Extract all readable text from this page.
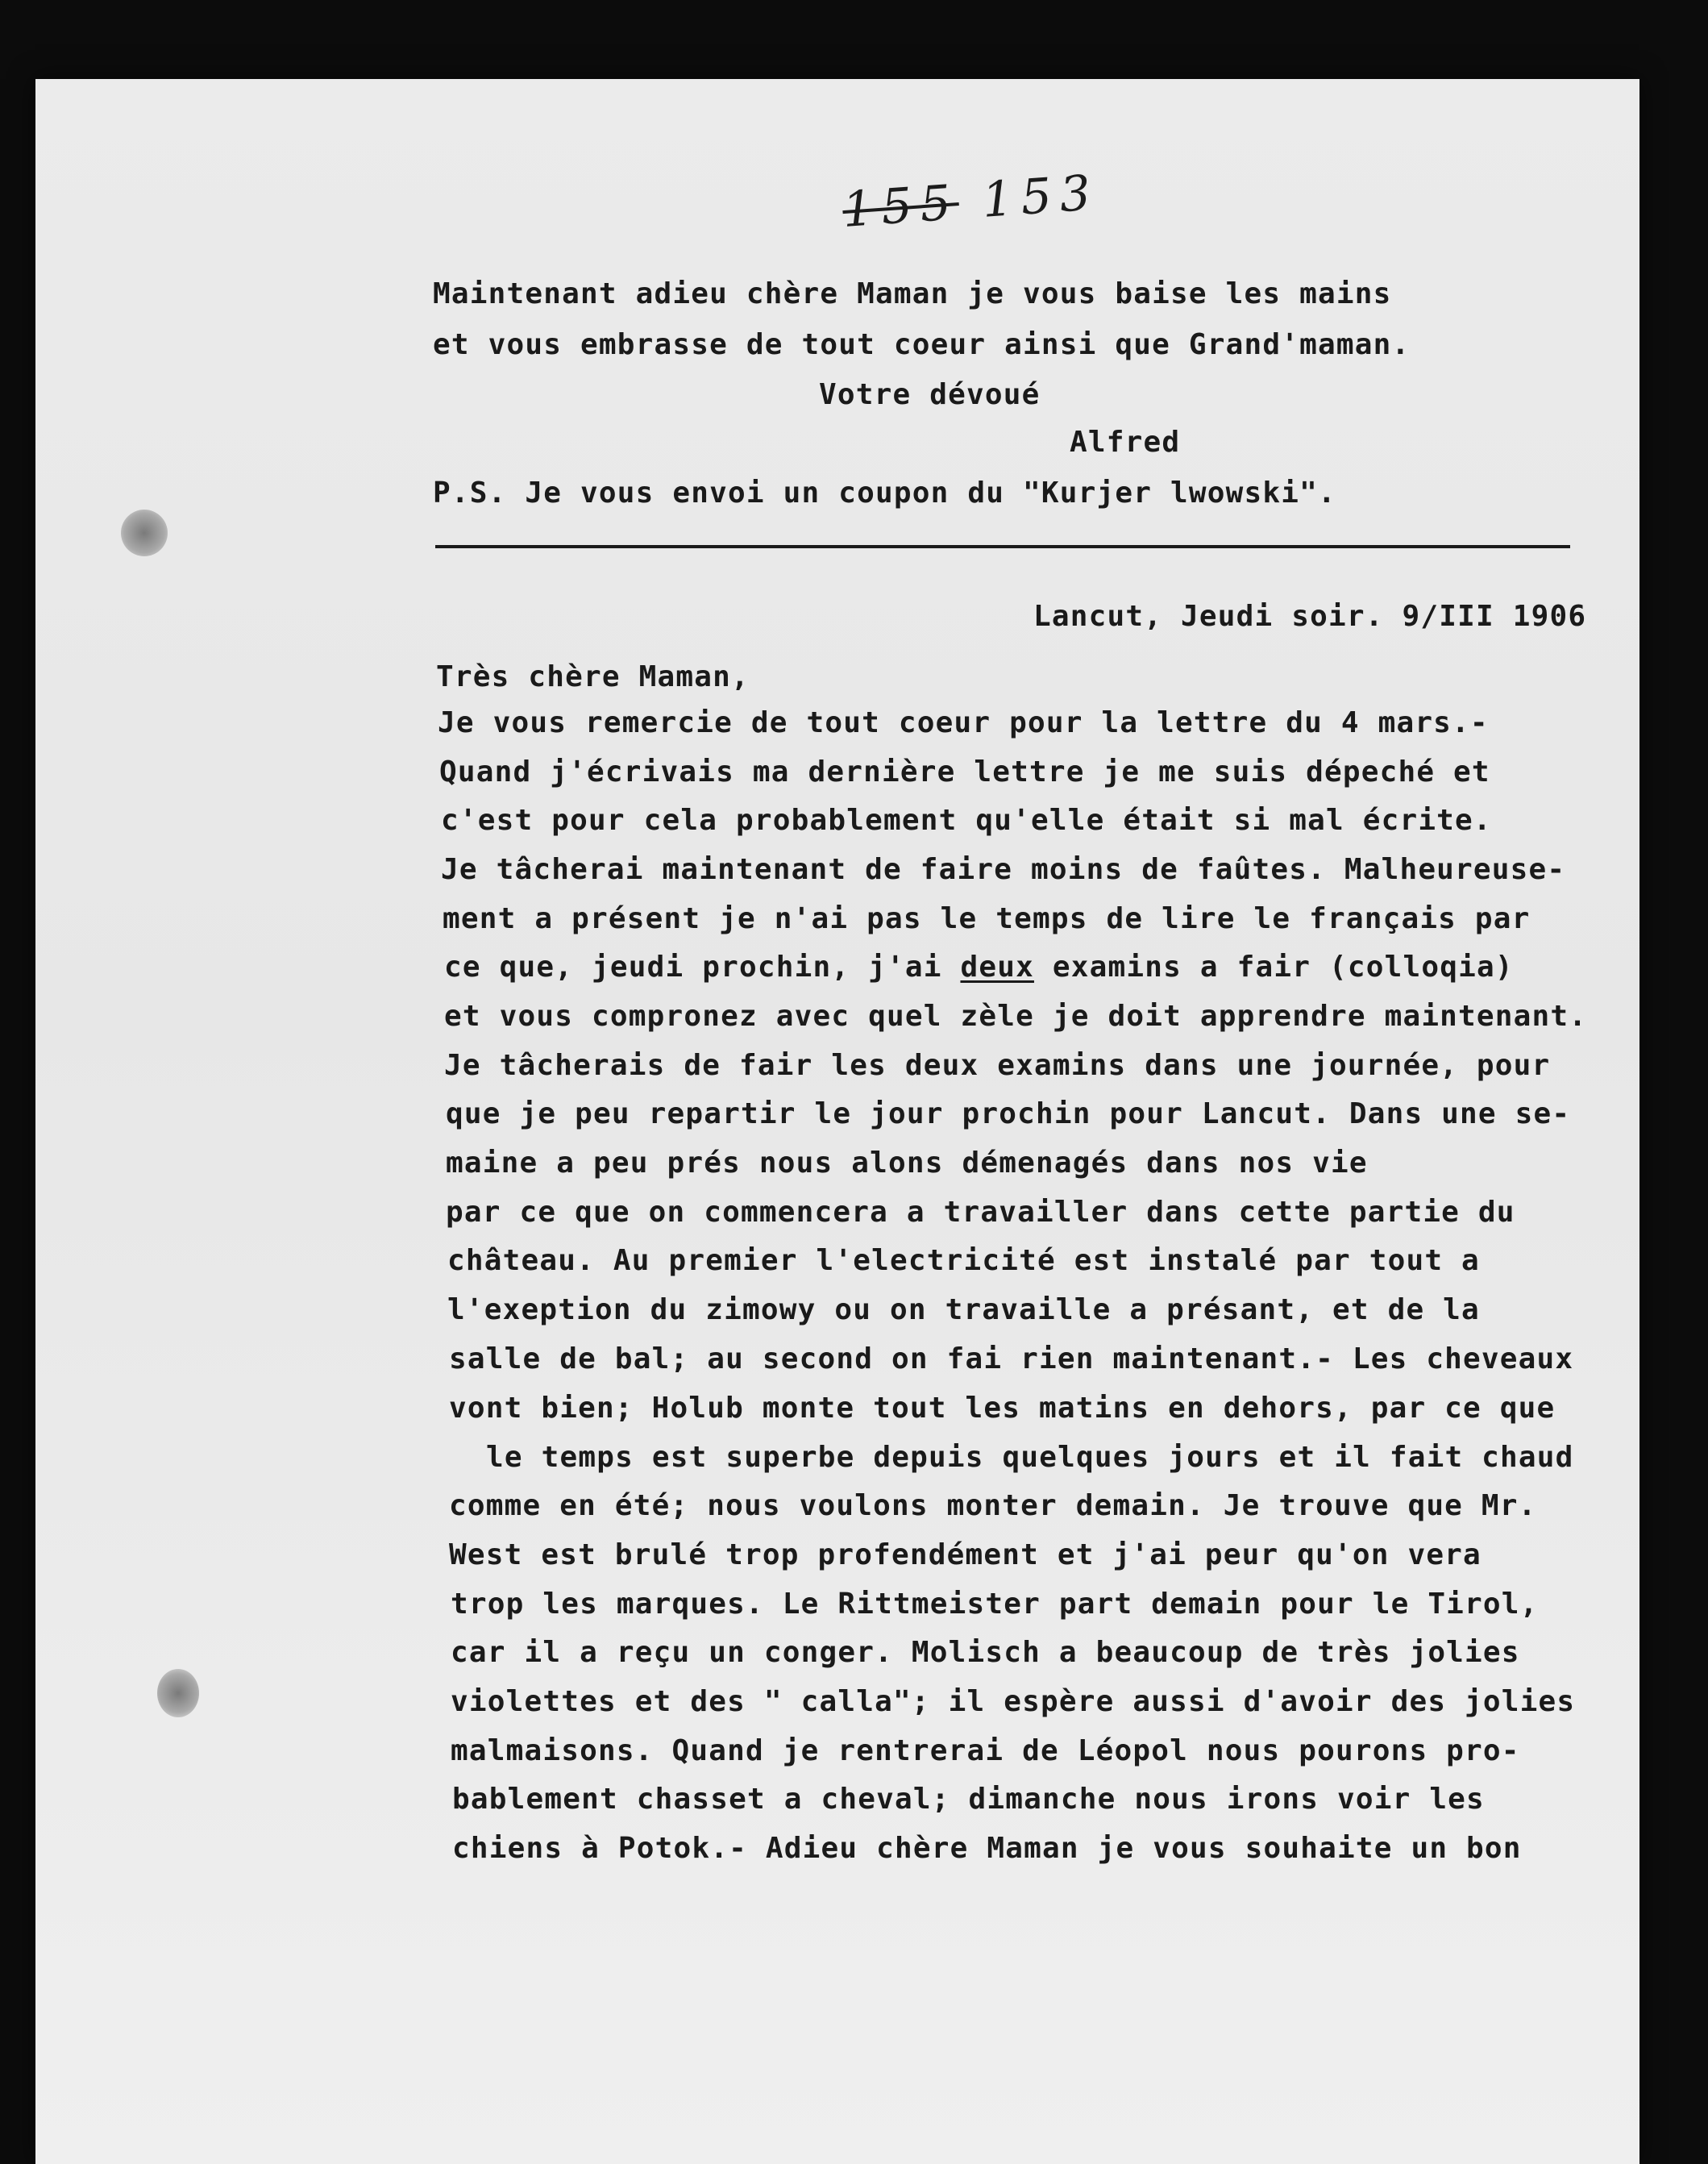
155 153

Maintenant adieu chère Maman je vous baise les mains

et vous embrasse de tout coeur ainsi que Grand'maman.

Votre dévoué

Alfred

P.S. Je vous envoi un coupon du "Kurjer lwowski".

Lancut, Jeudi soir. 9/III 1906

Très chère Maman,

Je vous remercie de tout coeur pour la lettre du 4 mars.-

Quand j'écrivais ma dernière lettre je me suis dépeché et

c'est pour cela probablement qu'elle était si mal écrite.

Je tâcherai maintenant de faire moins de faûtes. Malheureuse-

ment a présent je n'ai pas le temps de lire le français par

ce que, jeudi prochin, j'ai deux examins a fair (colloqia)

et vous compronez avec quel zèle je doit apprendre maintenant.

Je tâcherais de fair les deux examins dans une journée, pour

que je peu repartir le jour prochin pour Lancut. Dans une se-

maine a peu prés nous alons démenagés dans nos vie

par ce que on commencera a travailler dans cette partie du

château. Au premier l'electricité est instalé par tout a

l'exeption du zimowy ou on travaille a présant, et de la

salle de bal; au second on fai rien maintenant.- Les cheveaux

vont bien; Holub monte tout les matins en dehors, par ce que

le temps est superbe depuis quelques jours et il fait chaud

comme en été; nous voulons monter demain. Je trouve que Mr.

West est brulé trop profendément et j'ai peur qu'on vera

trop les marques. Le Rittmeister part demain pour le Tirol,

car il a reçu un conger. Molisch a beaucoup de très jolies

violettes et des " calla"; il espère aussi d'avoir des jolies

malmaisons. Quand je rentrerai de Léopol nous pourons pro-

bablement chasset a cheval; dimanche nous irons voir les

chiens à Potok.- Adieu chère Maman je vous souhaite un bon
